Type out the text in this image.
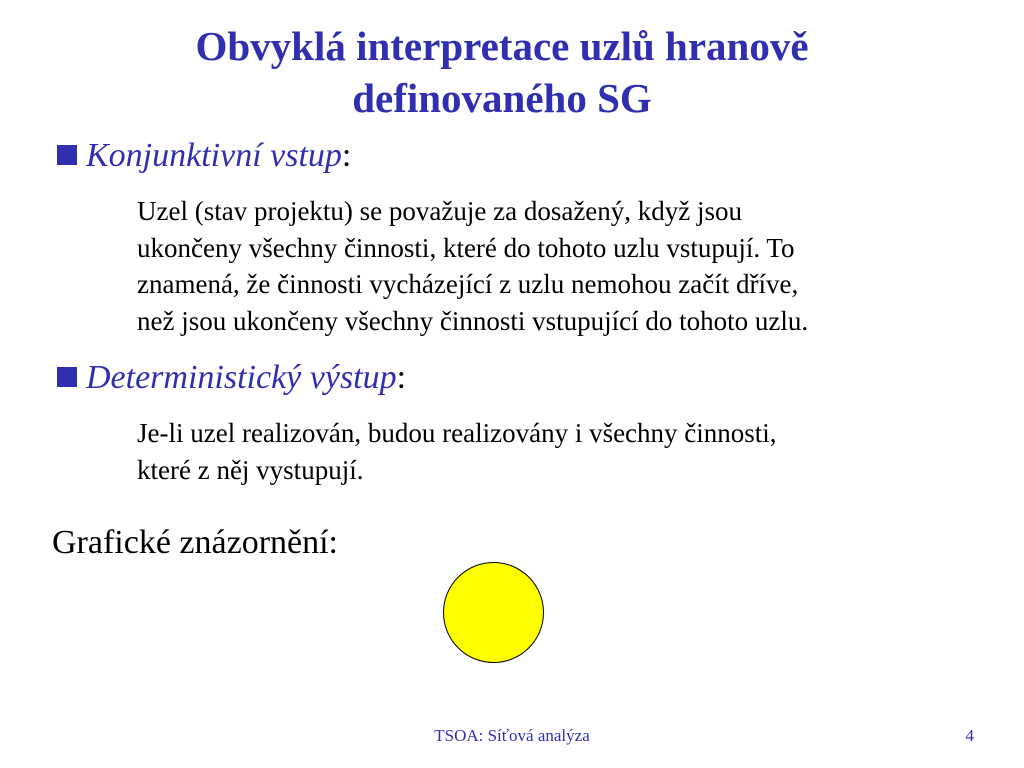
Obvyklá interpretace uzlů hranově
definovaného SG
Konjunktivní vstup:
Uzel (stav projektu) se považuje za dosažený, když jsou
ukončeny všechny činnosti, které do tohoto uzlu vstupují. To
znamená, že činnosti vycházející z uzlu nemohou začít dříve,
než jsou ukončeny všechny činnosti vstupující do tohoto uzlu.
Deterministický výstup:
Je-li uzel realizován, budou realizovány i všechny činnosti,
které z něj vystupují.
Grafické znázornění:
TSOA: Síťová analýza	4
